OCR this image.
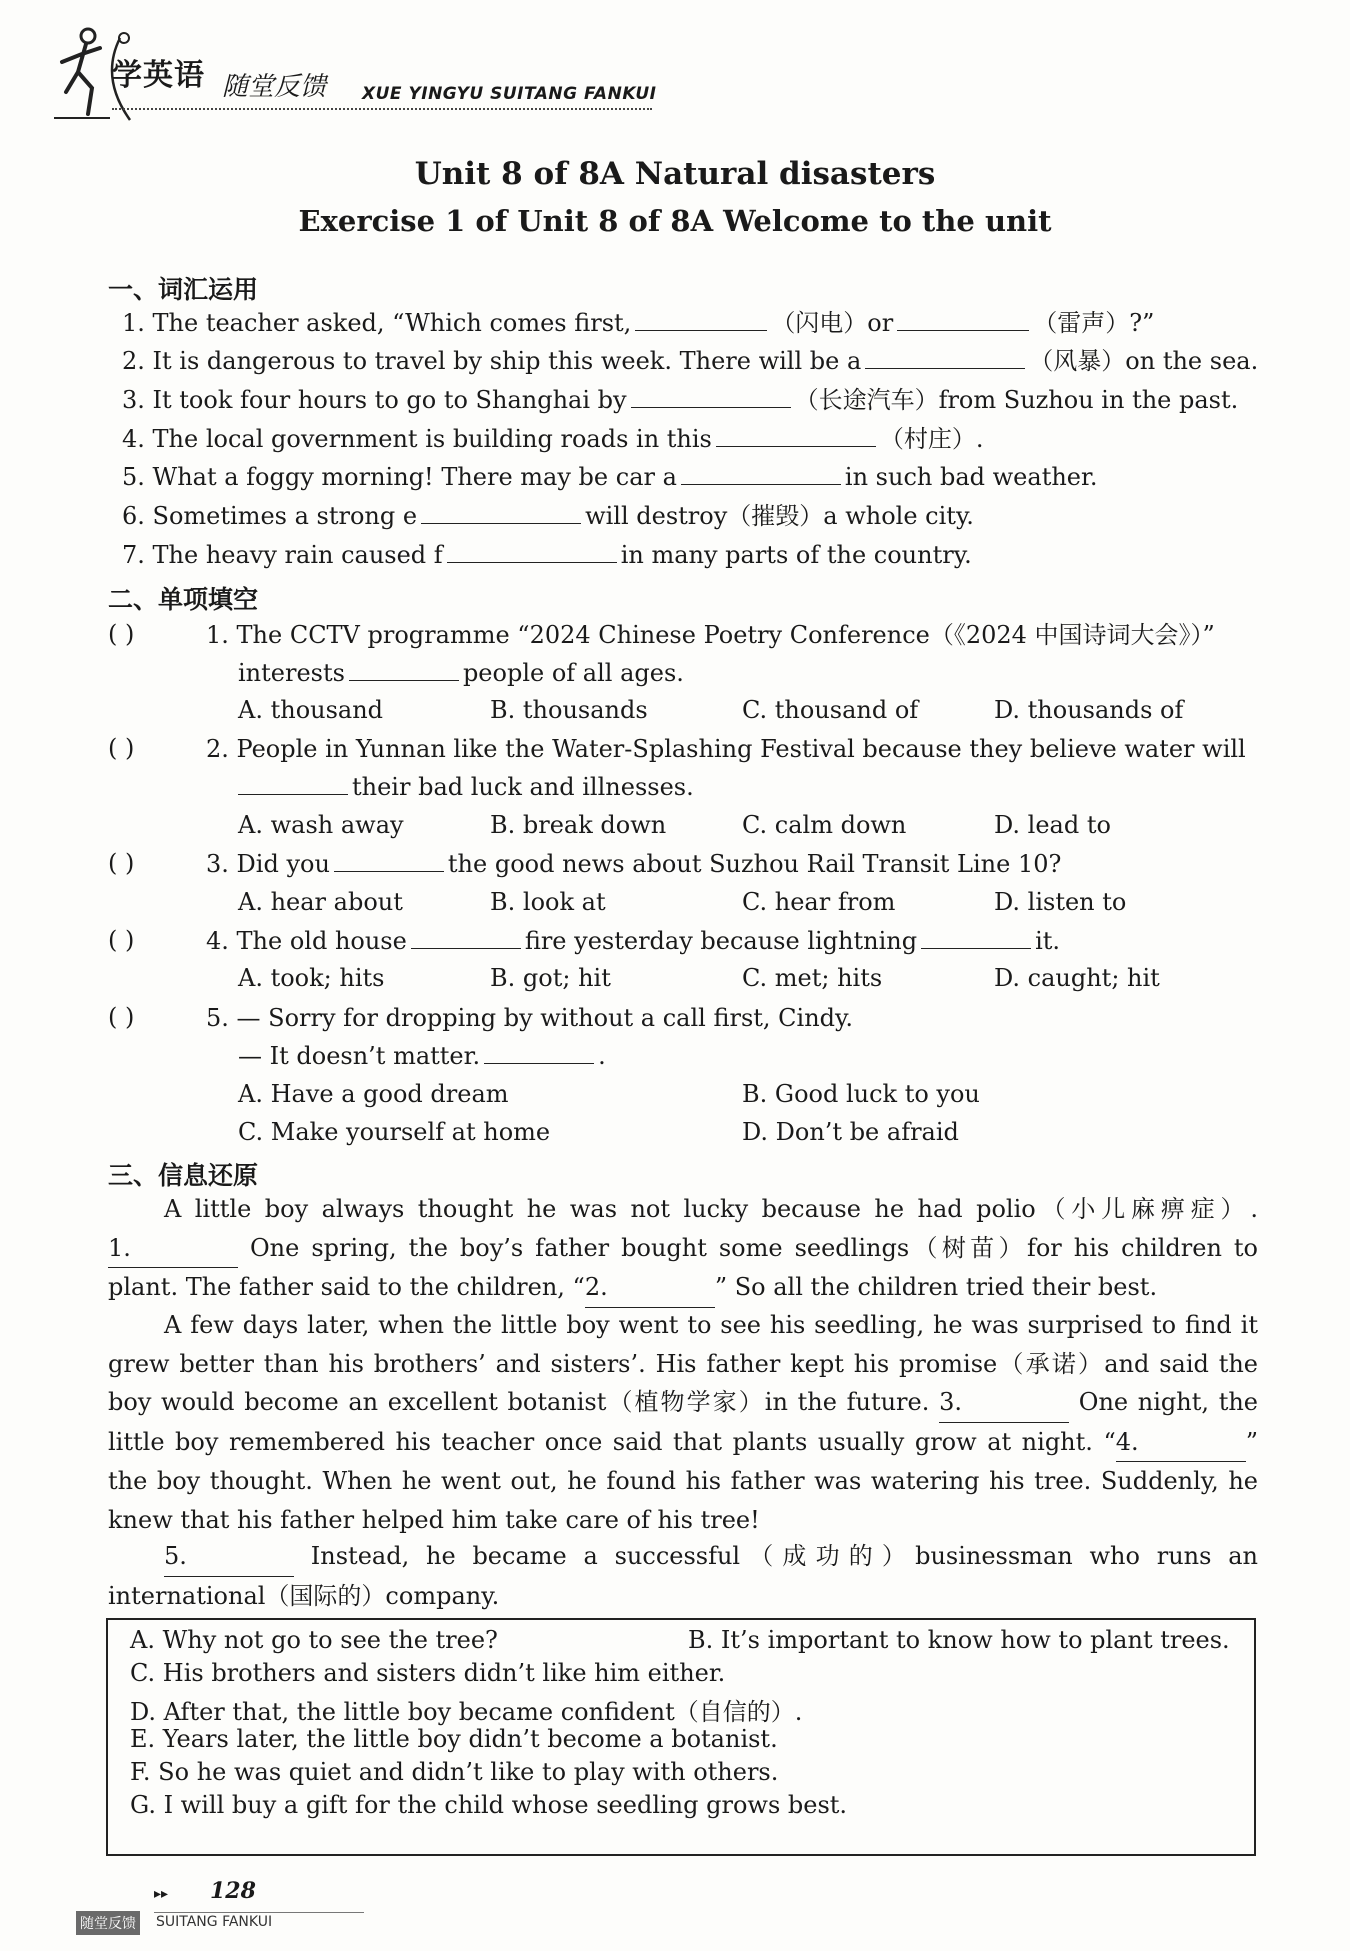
学英语 随堂反馈 XUE YINGYU SUITANG FANKUI
Unit 8 of 8A Natural disasters
Exercise 1 of Unit 8 of 8A Welcome to the unit
一、词汇运用
1. The teacher asked, “Which comes first,	（闪电）or	（雷声）?”
2. It is dangerous to travel by ship this week. There will be a	（风暴）on the sea.
3. It took four hours to go to Shanghai by	（长途汽车）from Suzhou in the past.
4. The local government is building roads in this	（村庄）.
5. What a foggy morning! There may be car a	in such bad weather.
6. Sometimes a strong e	will destroy（摧毁）a whole city.
7. The heavy rain caused f	in many parts of the country.
二、单项填空
( )	1. The CCTV programme “2024 Chinese Poetry Conference（《2024 中国诗词大会》）”
interests	people of all ages.
A. thousand	B. thousands	C. thousand of	D. thousands of
( )	2. People in Yunnan like the Water-Splashing Festival because they believe water will
their bad luck and illnesses.
A. wash away	B. break down	C. calm down	D. lead to
( )	3. Did you	the good news about Suzhou Rail Transit Line 10?
A. hear about	B. look at	C. hear from	D. listen to
( )	4. The old house	fire yesterday because lightning	it.
A. took; hits	B. got; hit	C. met; hits	D. caught; hit
( )	5. — Sorry for dropping by without a call first, Cindy.
— It doesn’t matter.	.
A. Have a good dream	B. Good luck to you
C. Make yourself at home	D. Don’t be afraid
三、信息还原
A little boy always thought he was not lucky because he had polio（小儿麻痹症）. 1.	One spring, the boy’s father bought some seedlings（树苗）for his children to plant. The father said to the children, “2.	” So all the children tried their best.
A few days later, when the little boy went to see his seedling, he was surprised to find it grew better than his brothers’ and sisters’. His father kept his promise（承诺）and said the boy would become an excellent botanist（植物学家）in the future. 3.	One night, the little boy remembered his teacher once said that plants usually grow at night. “4.	” the boy thought. When he went out, he found his father was watering his tree. Suddenly, he knew that his father helped him take care of his tree!
5.	Instead, he became a successful（成功的）businessman who runs an international（国际的）company.
A. Why not go to see the tree?	B. It’s important to know how to plant trees.
C. His brothers and sisters didn’t like him either.
D. After that, the little boy became confident（自信的）.
E. Years later, the little boy didn’t become a botanist.
F. So he was quiet and didn’t like to play with others.
G. I will buy a gift for the child whose seedling grows best.
▸▸ 128
随堂反馈 SUITANG FANKUI
